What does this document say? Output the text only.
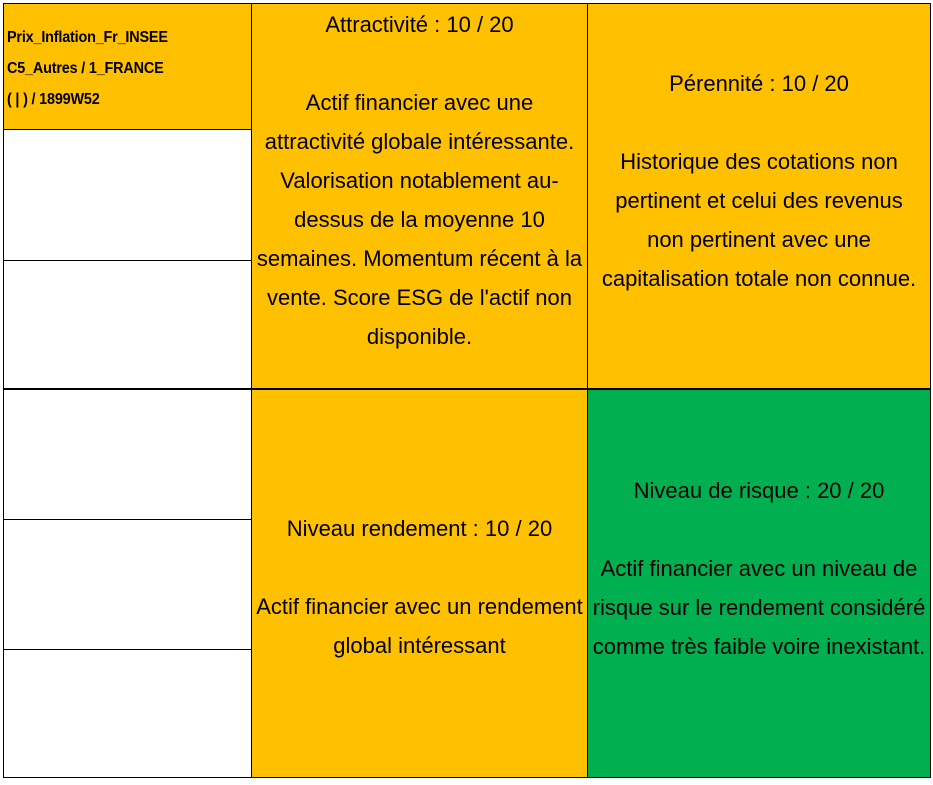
Prix_Inflation_Fr_INSEE
C5_Autres / 1_FRANCE
( | ) / 1899W52
Attractivité : 10 / 20
Actif financier avec une attractivité globale intéressante. Valorisation notablement au-dessus de la moyenne 10 semaines. Momentum récent à la vente. Score ESG de l'actif non disponible.
Pérennité : 10 / 20
Historique des cotations non pertinent et celui des revenus non pertinent avec une capitalisation totale non connue.
Niveau rendement : 10 / 20
Actif financier avec un rendement global intéressant
Niveau de risque : 20 / 20
Actif financier avec un niveau de risque sur le rendement considéré comme très faible voire inexistant.
